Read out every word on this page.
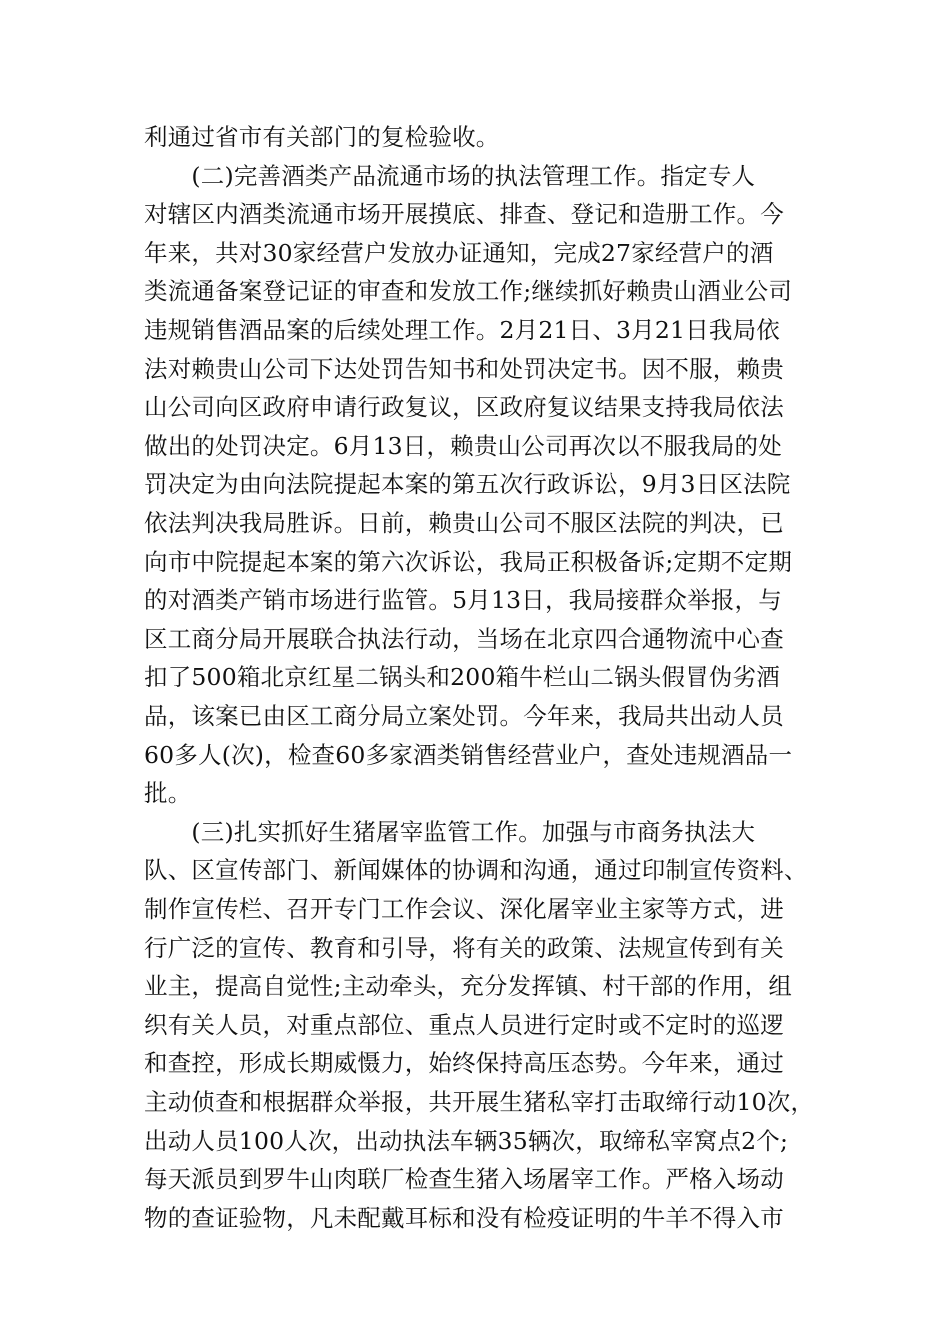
利通过省市有关部门的复检验收。
　　(二)完善酒类产品流通市场的执法管理工作。指定专人
对辖区内酒类流通市场开展摸底、排查、登记和造册工作。今
年来，共对30家经营户发放办证通知，完成27家经营户的酒
类流通备案登记证的审查和发放工作;继续抓好赖贵山酒业公司
违规销售酒品案的后续处理工作。2月21日、3月21日我局依
法对赖贵山公司下达处罚告知书和处罚决定书。因不服，赖贵
山公司向区政府申请行政复议，区政府复议结果支持我局依法
做出的处罚决定。6月13日，赖贵山公司再次以不服我局的处
罚决定为由向法院提起本案的第五次行政诉讼，9月3日区法院
依法判决我局胜诉。日前，赖贵山公司不服区法院的判决，已
向市中院提起本案的第六次诉讼，我局正积极备诉;定期不定期
的对酒类产销市场进行监管。5月13日，我局接群众举报，与
区工商分局开展联合执法行动，当场在北京四合通物流中心查
扣了500箱北京红星二锅头和200箱牛栏山二锅头假冒伪劣酒
品，该案已由区工商分局立案处罚。今年来，我局共出动人员
60多人(次)，检查60多家酒类销售经营业户，查处违规酒品一
批。
　　(三)扎实抓好生猪屠宰监管工作。加强与市商务执法大
队、区宣传部门、新闻媒体的协调和沟通，通过印制宣传资料、
制作宣传栏、召开专门工作会议、深化屠宰业主家等方式，进
行广泛的宣传、教育和引导，将有关的政策、法规宣传到有关
业主，提高自觉性;主动牵头，充分发挥镇、村干部的作用，组
织有关人员，对重点部位、重点人员进行定时或不定时的巡逻
和查控，形成长期威慑力，始终保持高压态势。今年来，通过
主动侦查和根据群众举报，共开展生猪私宰打击取缔行动10次，
出动人员100人次，出动执法车辆35辆次，取缔私宰窝点2个;
每天派员到罗牛山肉联厂检查生猪入场屠宰工作。严格入场动
物的查证验物，凡未配戴耳标和没有检疫证明的牛羊不得入市
